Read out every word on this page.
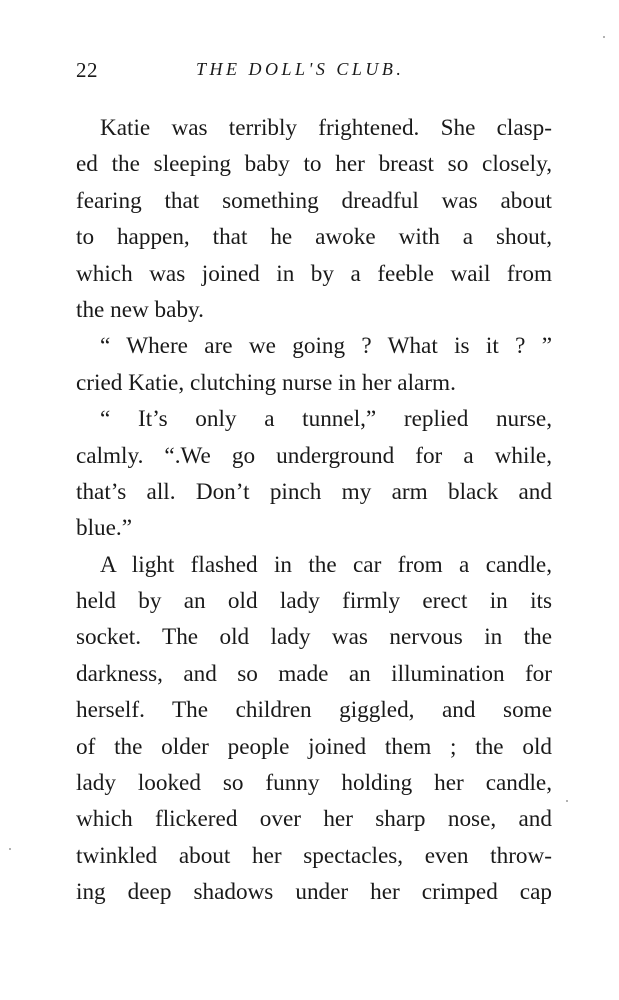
22	THE DOLL'S CLUB.
Katie was terribly frightened. She clasp-
ed the sleeping baby to her breast so closely,
fearing that something dreadful was about
to happen, that he awoke with a shout,
which was joined in by a feeble wail from
the new baby.
“ Where are we going ? What is it ? ”
cried Katie, clutching nurse in her alarm.
“ It’s only a tunnel,” replied nurse,
calmly. “.We go underground for a while,
that’s all. Don’t pinch my arm black and
blue.”
A light flashed in the car from a candle,
held by an old lady firmly erect in its
socket. The old lady was nervous in the
darkness, and so made an illumination for
herself. The children giggled, and some
of the older people joined them ; the old
lady looked so funny holding her candle,
which flickered over her sharp nose, and
twinkled about her spectacles, even throw-
ing deep shadows under her crimped cap
